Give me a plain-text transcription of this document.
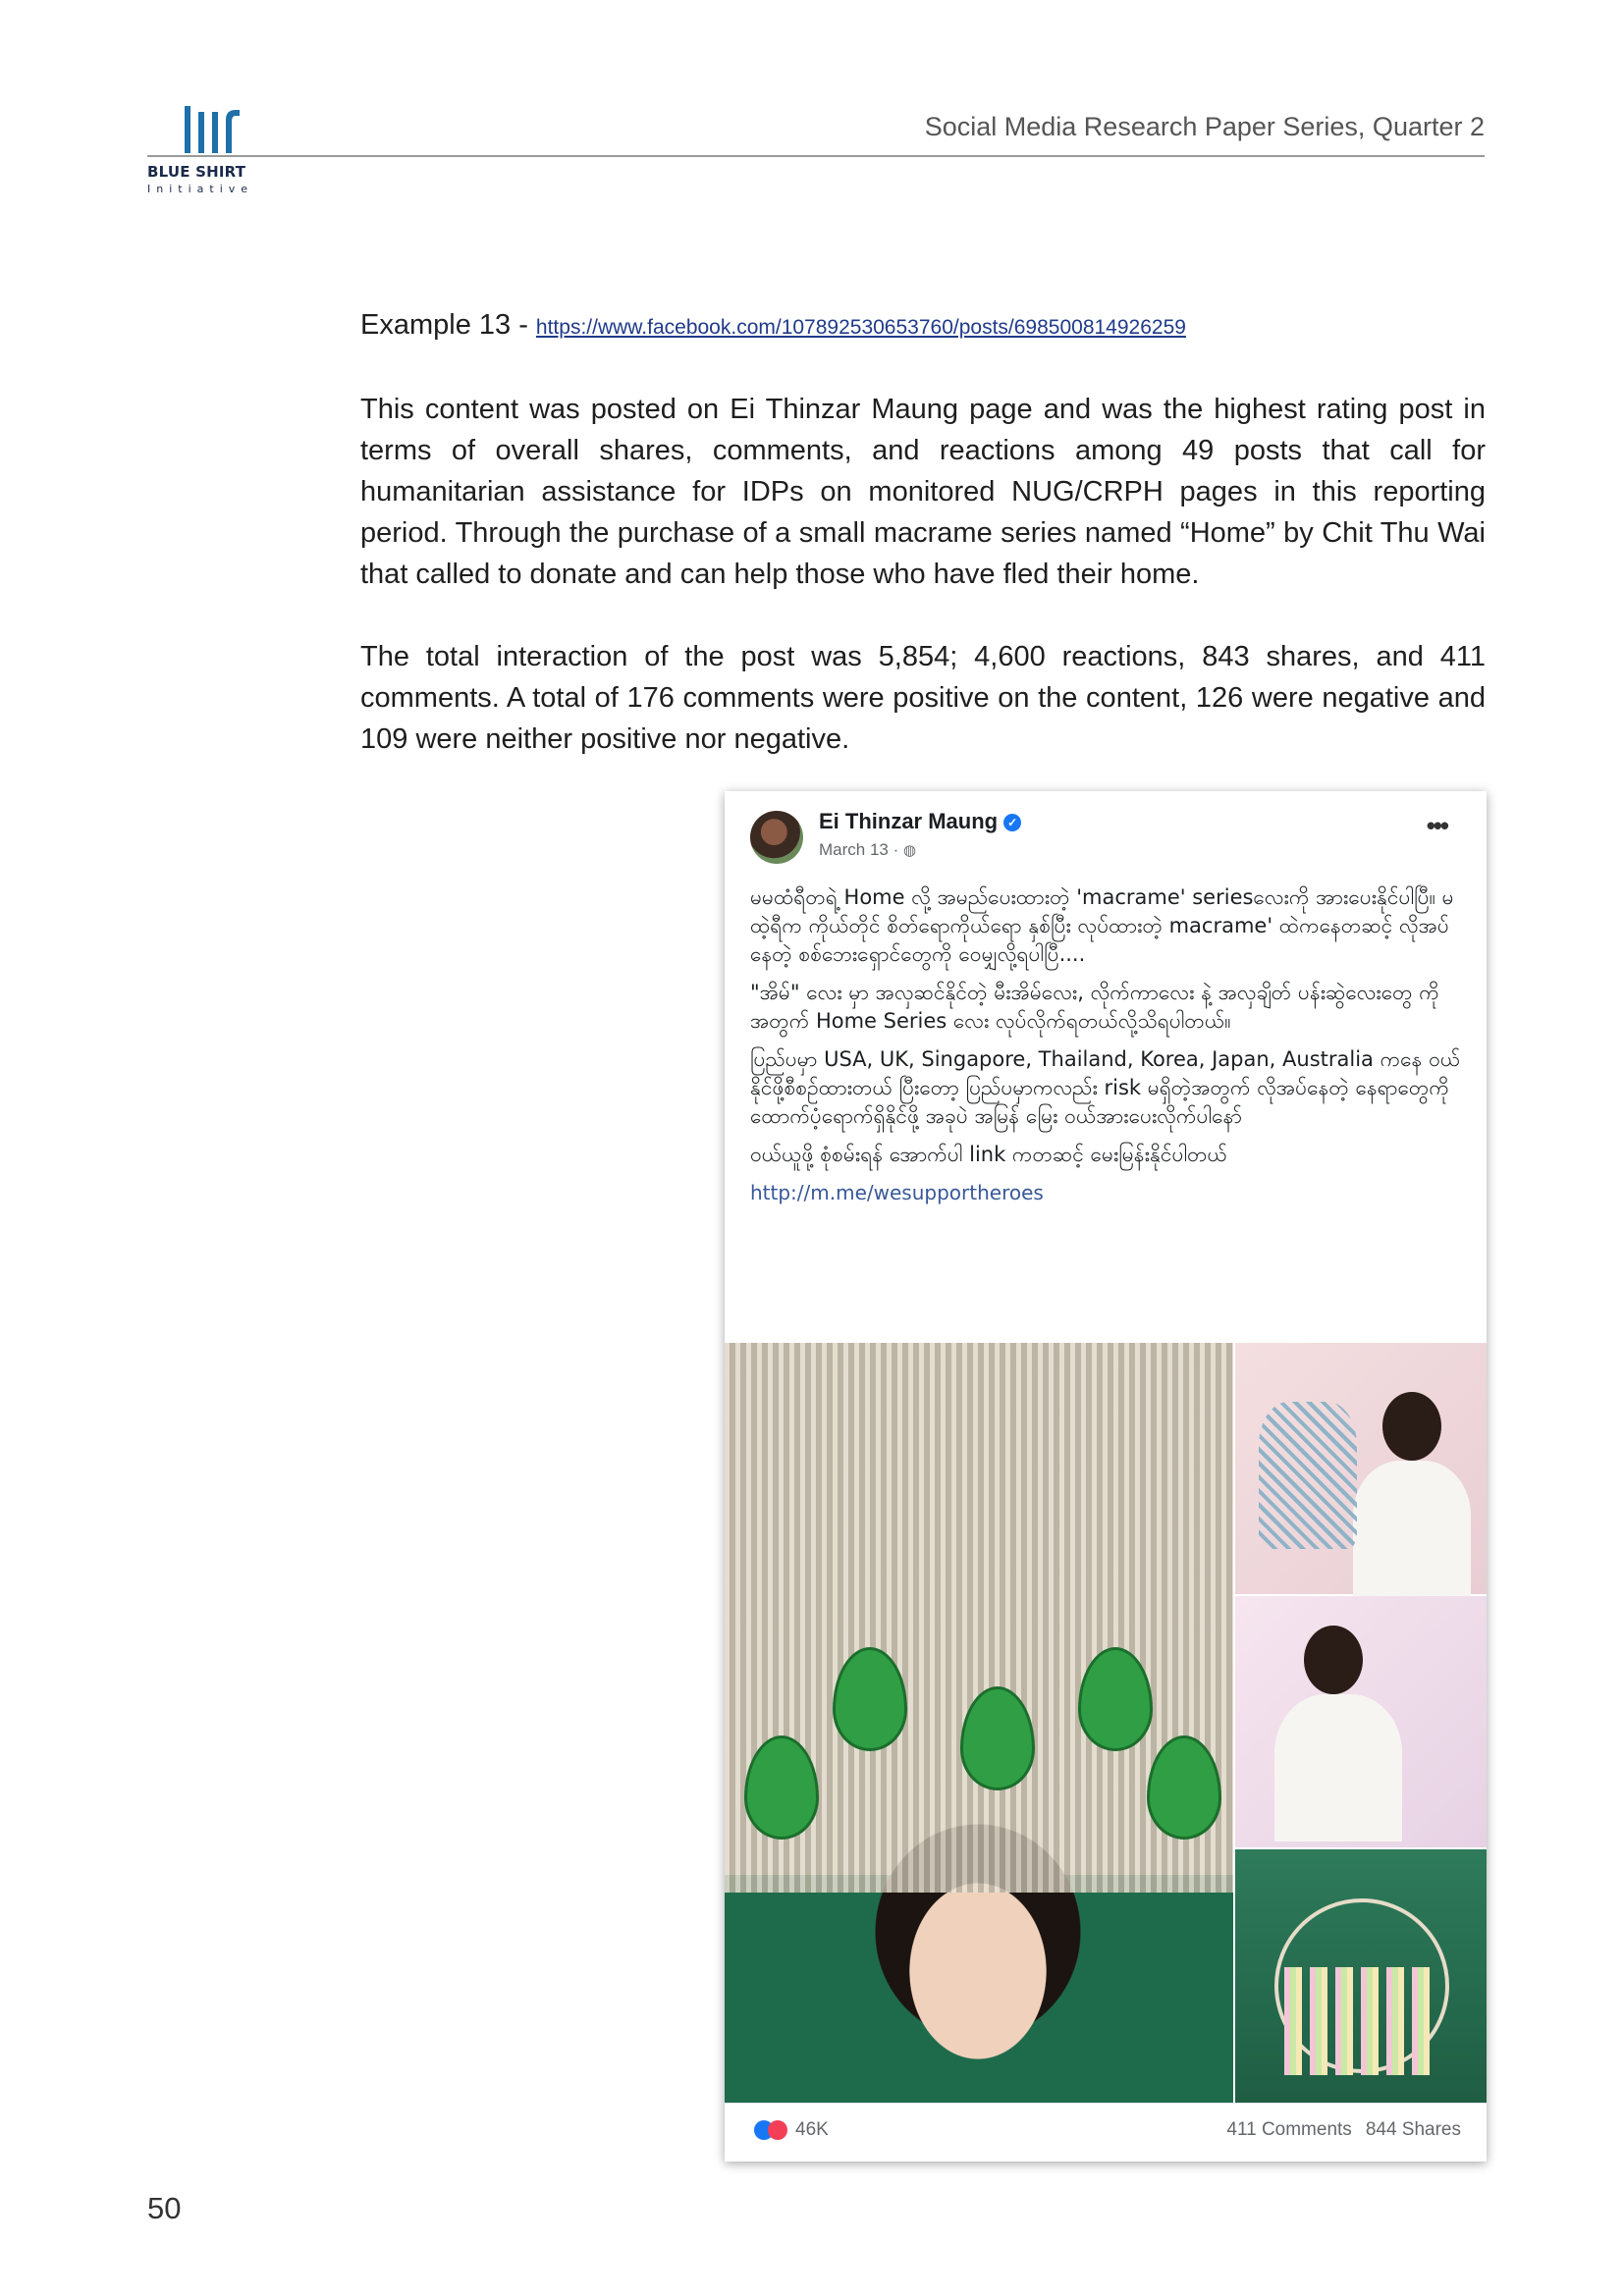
BLUE SHIRT
Initiative
Social Media Research Paper Series, Quarter 2
Example 13 - https://www.facebook.com/107892530653760/posts/698500814926259

This content was posted on Ei Thinzar Maung page and was the highest rating post in terms of overall shares, comments, and reactions among 49 posts that call for humanitarian assistance for IDPs on monitored NUG/CRPH pages in this reporting period. Through the purchase of a small macrame series named “Home” by Chit Thu Wai that called to donate and can help those who have fled their home.

The total interaction of the post was 5,854; 4,600 reactions, 843 shares, and 411 comments. A total of 176 comments were positive on the content, 126 were negative and 109 were neither positive nor negative.

Ei Thinzar Maung ✓
March 13 · ◍
•••

မမထံရီတရဲ့ Home လို့ အမည်ပေးထားတဲ့ 'macrame' seriesလေးကို အားပေးနိုင်ပါပြီ။ မထဲ့ရီက ကိုယ်တိုင် စိတ်ရောကိုယ်ရော နှစ်ပြီး လုပ်ထားတဲ့ macrame' ထဲကနေတဆင့် လိုအပ်နေတဲ့ စစ်ဘေးရှောင်တွေကို ဝေမျှလို့ရပါပြီ....

"အိမ်" လေး မှာ အလှဆင်နိုင်တဲ့ မီးအိမ်လေး, လိုက်ကာလေး နဲ့ အလှချိတ် ပန်းဆွဲလေးတွေ ကိုအတွက် Home Series လေး လုပ်လိုက်ရတယ်လို့သိရပါတယ်။

ပြည်ပမှာ USA, UK, Singapore, Thailand, Korea, Japan, Australia ကနေ ဝယ်နိုင်ဖို့စီစဉ်ထားတယ် ပြီးတော့ ပြည်ပမှာကလည်း risk မရှိတဲ့အတွက် လိုအပ်နေတဲ့ နေရာတွေကို ထောက်ပံ့ရောက်ရှိနိုင်ဖို့ အခုပဲ အမြန် မြေး ဝယ်အားပေးလိုက်ပါနော်

ဝယ်ယူဖို့ စုံစမ်းရန် အောက်ပါ link ကတဆင့် မေးမြန်းနိုင်ပါတယ်

http://m.me/wesupportheroes
46K	411 Comments 844 Shares
50
